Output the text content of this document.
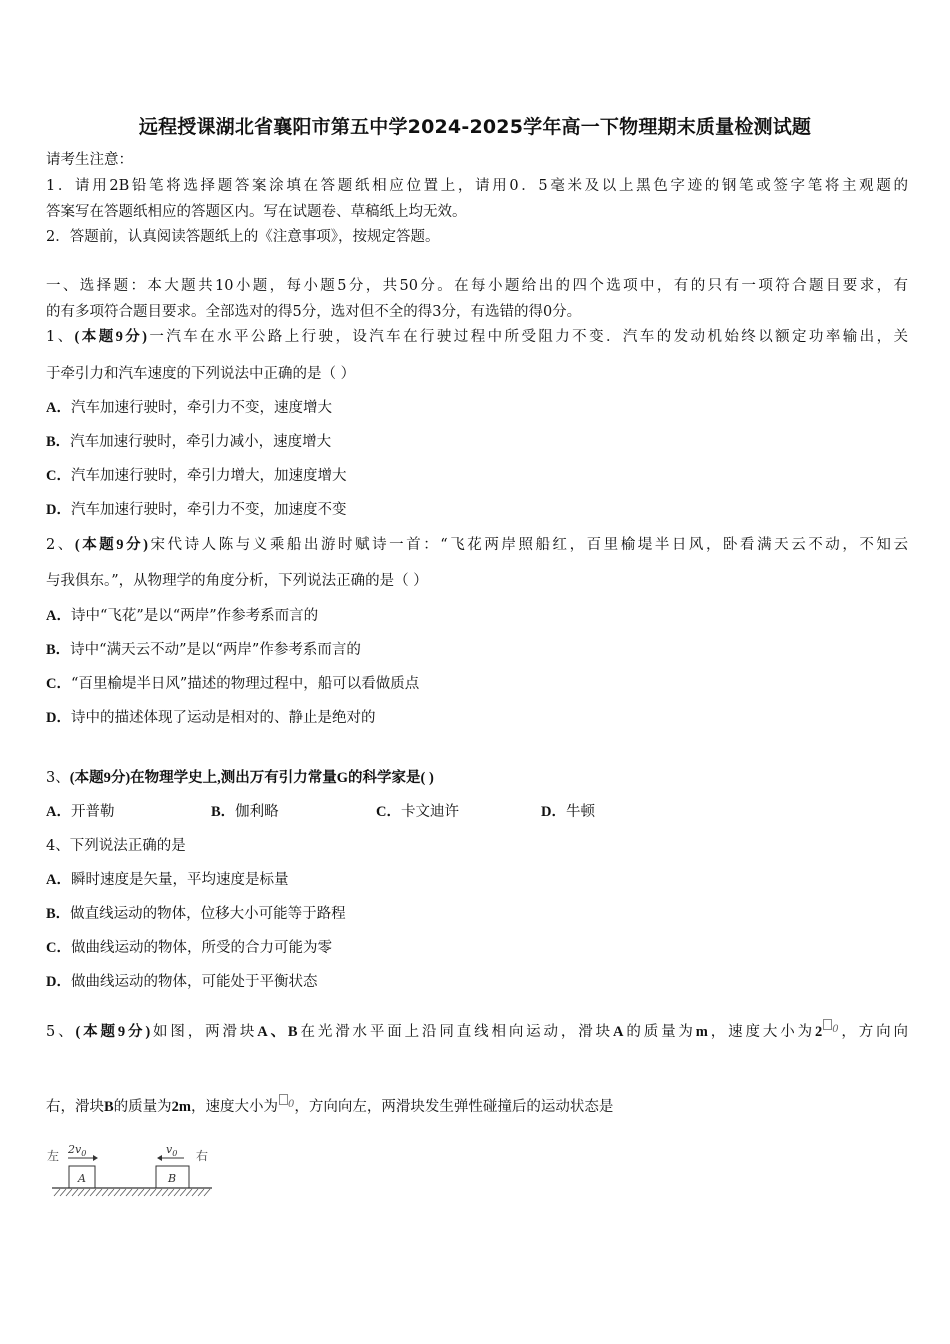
远程授课湖北省襄阳市第五中学2024-2025学年高一下物理期末质量检测试题
请考生注意：
1．请用2B铅笔将选择题答案涂填在答题纸相应位置上，请用0．5毫米及以上黑色字迹的钢笔或签字笔将主观题的
答案写在答题纸相应的答题区内。写在试题卷、草稿纸上均无效。
2．答题前，认真阅读答题纸上的《注意事项》，按规定答题。
一、选择题：本大题共10小题，每小题5分，共50分。在每小题给出的四个选项中，有的只有一项符合题目要求，有
的有多项符合题目要求。全部选对的得5分，选对但不全的得3分，有选错的得0分。
1、(本题9分)一汽车在水平公路上行驶，设汽车在行驶过程中所受阻力不变．汽车的发动机始终以额定功率输出，关
于牵引力和汽车速度的下列说法中正确的是（ ）
A．汽车加速行驶时，牵引力不变，速度增大
B．汽车加速行驶时，牵引力减小，速度增大
C．汽车加速行驶时，牵引力增大，加速度增大
D．汽车加速行驶时，牵引力不变，加速度不变
2、(本题9分)宋代诗人陈与义乘船出游时赋诗一首：“飞花两岸照船红，百里榆堤半日风，卧看满天云不动，不知云
与我俱东。”，从物理学的角度分析，下列说法正确的是（ ）
A．诗中“飞花”是以“两岸”作参考系而言的
B．诗中“满天云不动”是以“两岸”作参考系而言的
C．“百里榆堤半日风”描述的物理过程中，船可以看做质点
D．诗中的描述体现了运动是相对的、静止是绝对的
3、(本题9分)在物理学史上,测出万有引力常量G的科学家是( )
A．开普勒	B．伽利略	C．卡文迪许	D．牛顿
4、下列说法正确的是
A．瞬时速度是矢量，平均速度是标量
B．做直线运动的物体，位移大小可能等于路程
C．做曲线运动的物体，所受的合力可能为零
D．做曲线运动的物体，可能处于平衡状态
5、(本题9分)如图，两滑块A、B在光滑水平面上沿同直线相向运动，滑块A的质量为m，速度大小为2 $^0$，方向向
右，滑块B的质量为2m，速度大小为 $^0$，方向向左，两滑块发生弹性碰撞后的运动状态是
左	右
$2v_0$	$v_0$
A	B
